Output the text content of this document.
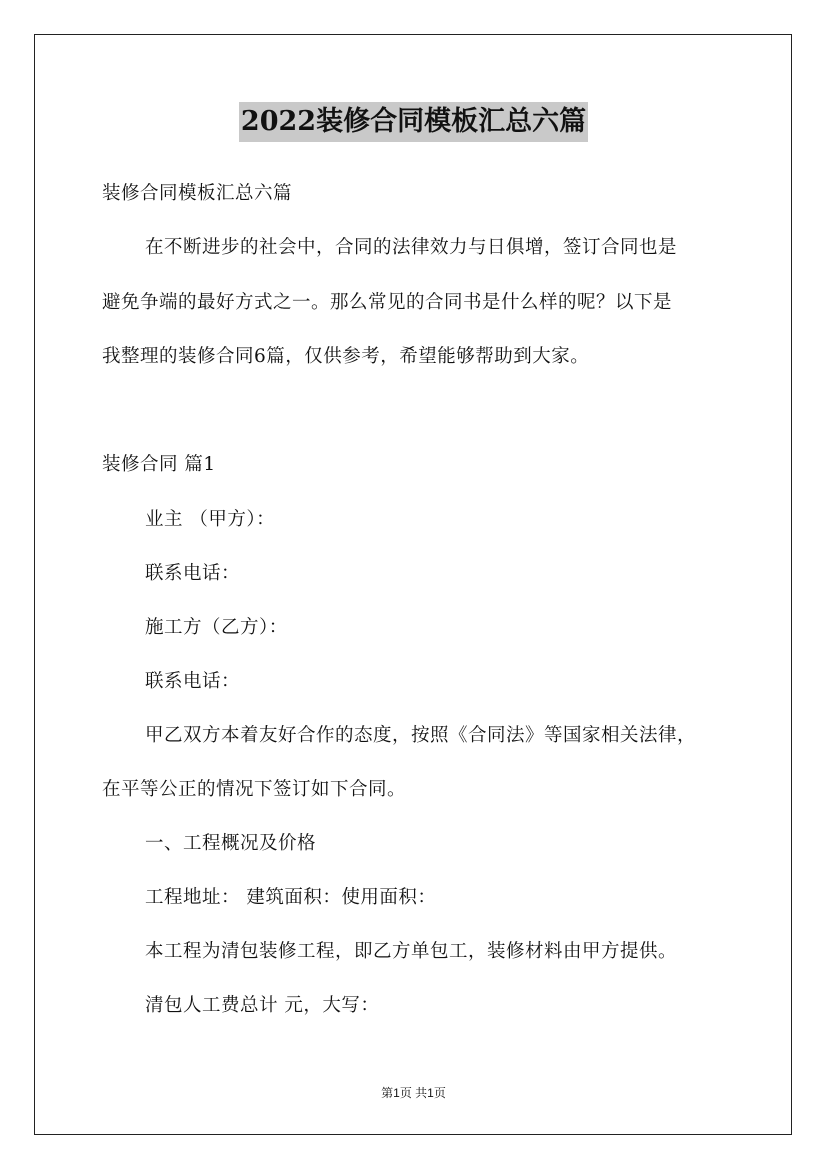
2022装修合同模板汇总六篇
装修合同模板汇总六篇
在不断进步的社会中，合同的法律效力与日俱增，签订合同也是
避免争端的最好方式之一。那么常见的合同书是什么样的呢？以下是
我整理的装修合同6篇，仅供参考，希望能够帮助到大家。
装修合同 篇1
业主 （甲方）：
联系电话：
施工方（乙方）：
联系电话：
甲乙双方本着友好合作的态度，按照《合同法》等国家相关法律，
在平等公正的情况下签订如下合同。
一、工程概况及价格
工程地址： 建筑面积：使用面积：
本工程为清包装修工程，即乙方单包工，装修材料由甲方提供。
清包人工费总计 元，大写：
第1页 共1页
